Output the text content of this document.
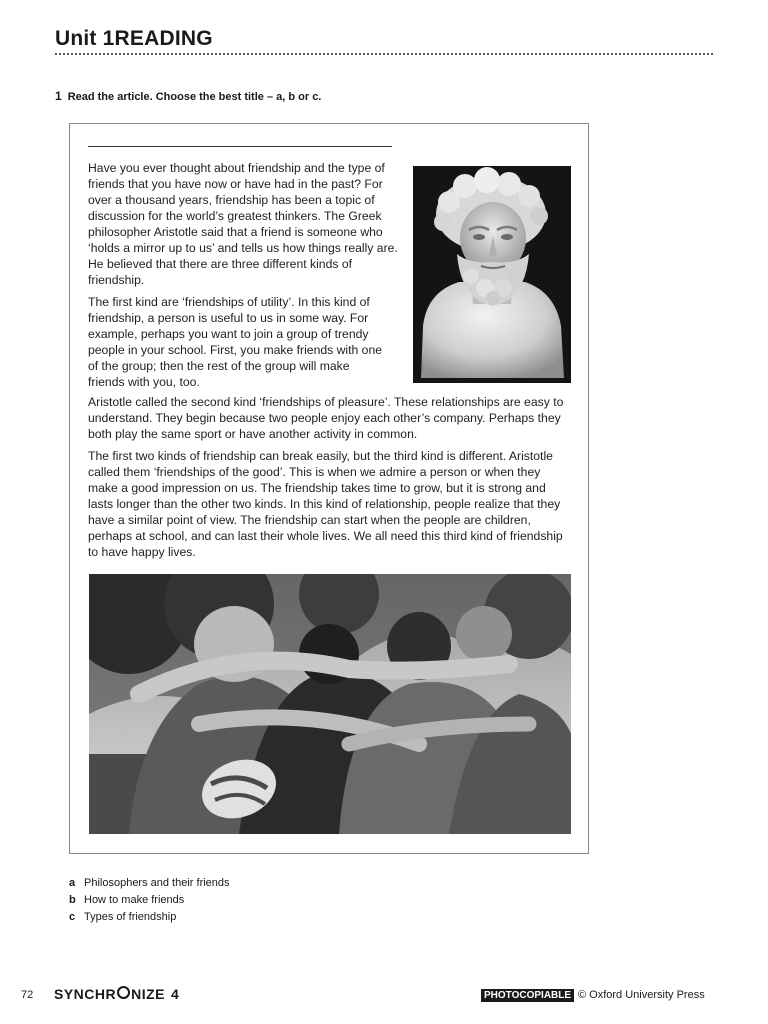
Unit 1READING
1 Read the article. Choose the best title – a, b or c.

Have you ever thought about friendship and the type of friends that you have now or have had in the past? For over a thousand years, friendship has been a topic of discussion for the world’s greatest thinkers. The Greek philosopher Aristotle said that a friend is someone who ‘holds a mirror up to us’ and tells us how things really are. He believed that there are three different kinds of friendship.

The first kind are ‘friendships of utility’. In this kind of friendship, a person is useful to us in some way. For example, perhaps you want to join a group of trendy people in your school. First, you make friends with one of the group; then the rest of the group will make friends with you, too.

Aristotle called the second kind ‘friendships of pleasure’. These relationships are easy to understand. They begin because two people enjoy each other’s company. Perhaps they both play the same sport or have another activity in common.

The first two kinds of friendship can break easily, but the third kind is different. Aristotle called them ‘friendships of the good’. This is when we admire a person or when they make a good impression on us. The friendship takes time to grow, but it is strong and lasts longer than the other two kinds. In this kind of relationship, people realize that they have a similar point of view. The friendship can start when the people are children, perhaps at school, and can last their whole lives. We all need this third kind of friendship to have happy lives.

a Philosophers and their friends
b How to make friends
c Types of friendship
72 SYNCHR NIZE 4	PHOTOCOPIABLE © Oxford University Press
